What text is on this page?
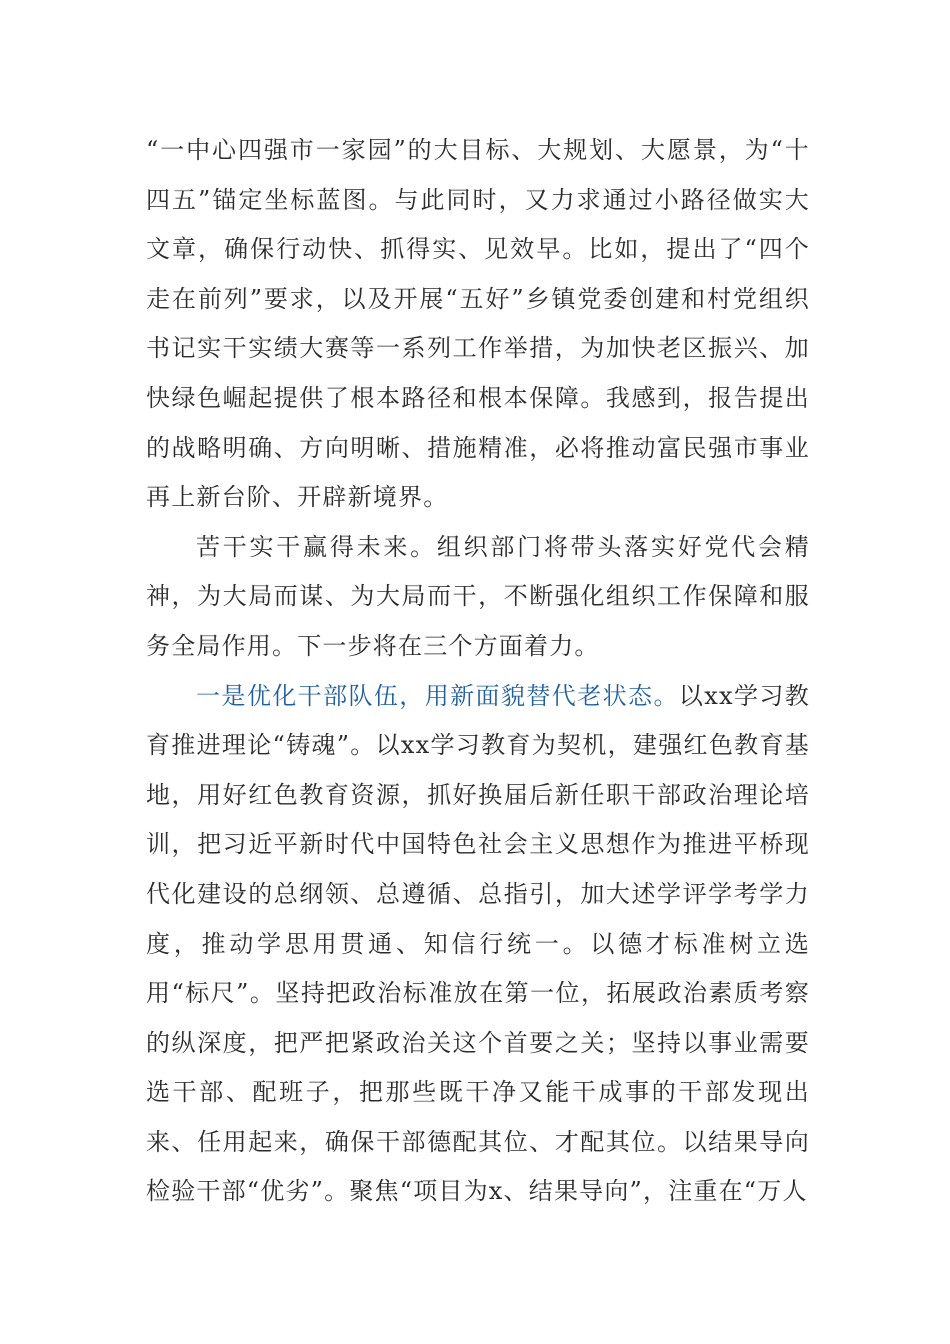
“一中心四强市一家园”的大目标、大规划、大愿景，为“十四五”锚定坐标蓝图。与此同时，又力求通过小路径做实大文章，确保行动快、抓得实、见效早。比如，提出了“四个走在前列”要求，以及开展“五好”乡镇党委创建和村党组织书记实干实绩大赛等一系列工作举措，为加快老区振兴、加快绿色崛起提供了根本路径和根本保障。我感到，报告提出的战略明确、方向明晰、措施精准，必将推动富民强市事业再上新台阶、开辟新境界。

苦干实干赢得未来。组织部门将带头落实好党代会精神，为大局而谋、为大局而干，不断强化组织工作保障和服务全局作用。下一步将在三个方面着力。

一是优化干部队伍，用新面貌替代老状态。以xx学习教育推进理论“铸魂”。以xx学习教育为契机，建强红色教育基地，用好红色教育资源，抓好换届后新任职干部政治理论培训，把习近平新时代中国特色社会主义思想作为推进平桥现代化建设的总纲领、总遵循、总指引，加大述学评学考学力度，推动学思用贯通、知信行统一。以德才标准树立选用“标尺”。坚持把政治标准放在第一位，拓展政治素质考察的纵深度，把严把紧政治关这个首要之关；坚持以事业需要选干部、配班子，把那些既干净又能干成事的干部发现出来、任用起来，确保干部德配其位、才配其位。以结果导向检验干部“优劣”。聚焦“项目为x、结果导向”，注重在“万人
